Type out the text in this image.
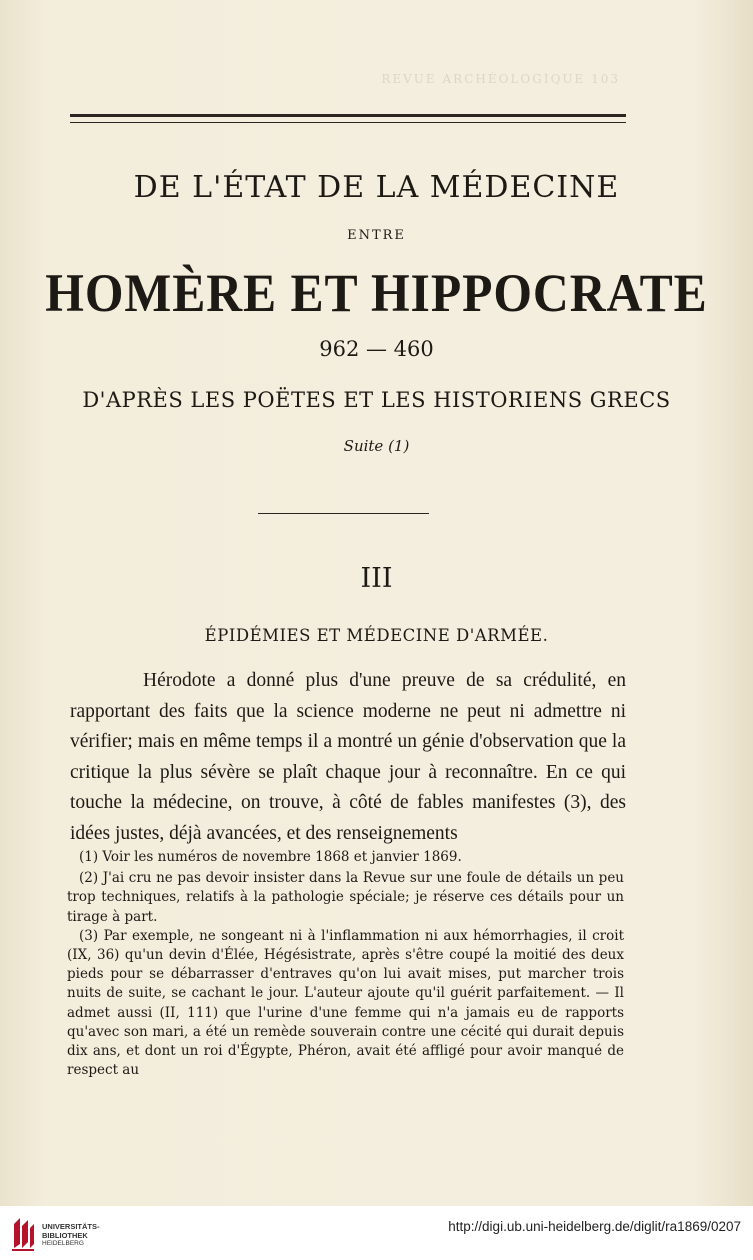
REVUE ARCHÉOLOGIQUE 103
DE L'ÉTAT DE LA MÉDECINE
ENTRE
HOMÈRE ET HIPPOCRATE
962 — 460
D'APRÈS LES POËTES ET LES HISTORIENS GRECS
Suite (1)
III
ÉPIDÉMIES ET MÉDECINE D'ARMÉE.
Hérodote a donné plus d'une preuve de sa crédulité, en rapportant des faits que la science moderne ne peut ni admettre ni vérifier; mais en même temps il a montré un génie d'observation que la critique la plus sévère se plaît chaque jour à reconnaître. En ce qui touche la médecine, on trouve, à côté de fables manifestes (3), des idées justes, déjà avancées, et des renseignements

(1) Voir les numéros de novembre 1868 et janvier 1869.

(2) J'ai cru ne pas devoir insister dans la Revue sur une foule de détails un peu trop techniques, relatifs à la pathologie spéciale; je réserve ces détails pour un tirage à part.

(3) Par exemple, ne songeant ni à l'inflammation ni aux hémorrhagies, il croit (IX, 36) qu'un devin d'Élée, Hégésistrate, après s'être coupé la moitié des deux pieds pour se débarrasser d'entraves qu'on lui avait mises, put marcher trois nuits de suite, se cachant le jour. L'auteur ajoute qu'il guérit parfaitement. — Il admet aussi (II, 111) que l'urine d'une femme qui n'a jamais eu de rapports qu'avec son mari, a été un remède souverain contre une cécité qui durait depuis dix ans, et dont un roi d'Égypte, Phéron, avait été affligé pour avoir manqué de respect au

UNIVERSITÄTS-
BIBLIOTHEK
HEIDELBERG
http://digi.ub.uni-heidelberg.de/diglit/ra1869/0207
